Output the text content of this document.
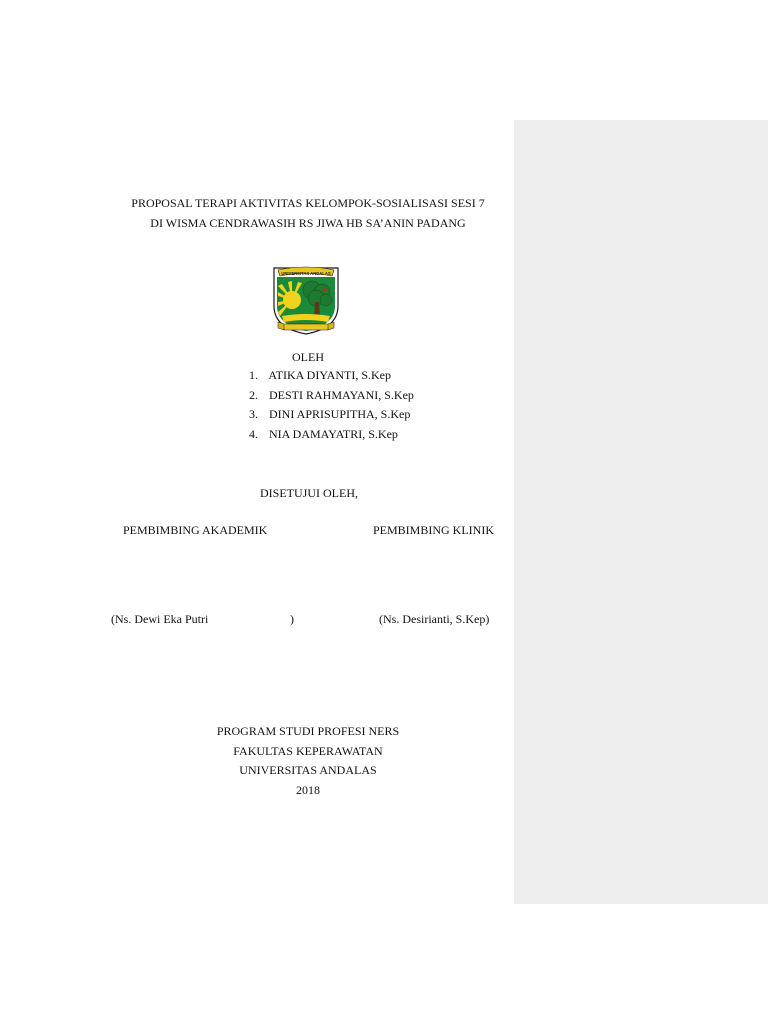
PROPOSAL TERAPI AKTIVITAS KELOMPOK-SOSIALISASI SESI 7
DI WISMA CENDRAWASIH RS JIWA HB SA’ANIN PADANG
UNIVERSITAS ANDALAS
OLEH
1. ATIKA DIYANTI, S.Kep
2. DESTI RAHMAYANI, S.Kep
3. DINI APRISUPITHA, S.Kep
4. NIA DAMAYATRI, S.Kep
DISETUJUI OLEH,
PEMBIMBING AKADEMIK	PEMBIMBING KLINIK
(Ns. Dewi Eka Putri	)	(Ns. Desirianti, S.Kep)
PROGRAM STUDI PROFESI NERS
FAKULTAS KEPERAWATAN
UNIVERSITAS ANDALAS
2018
